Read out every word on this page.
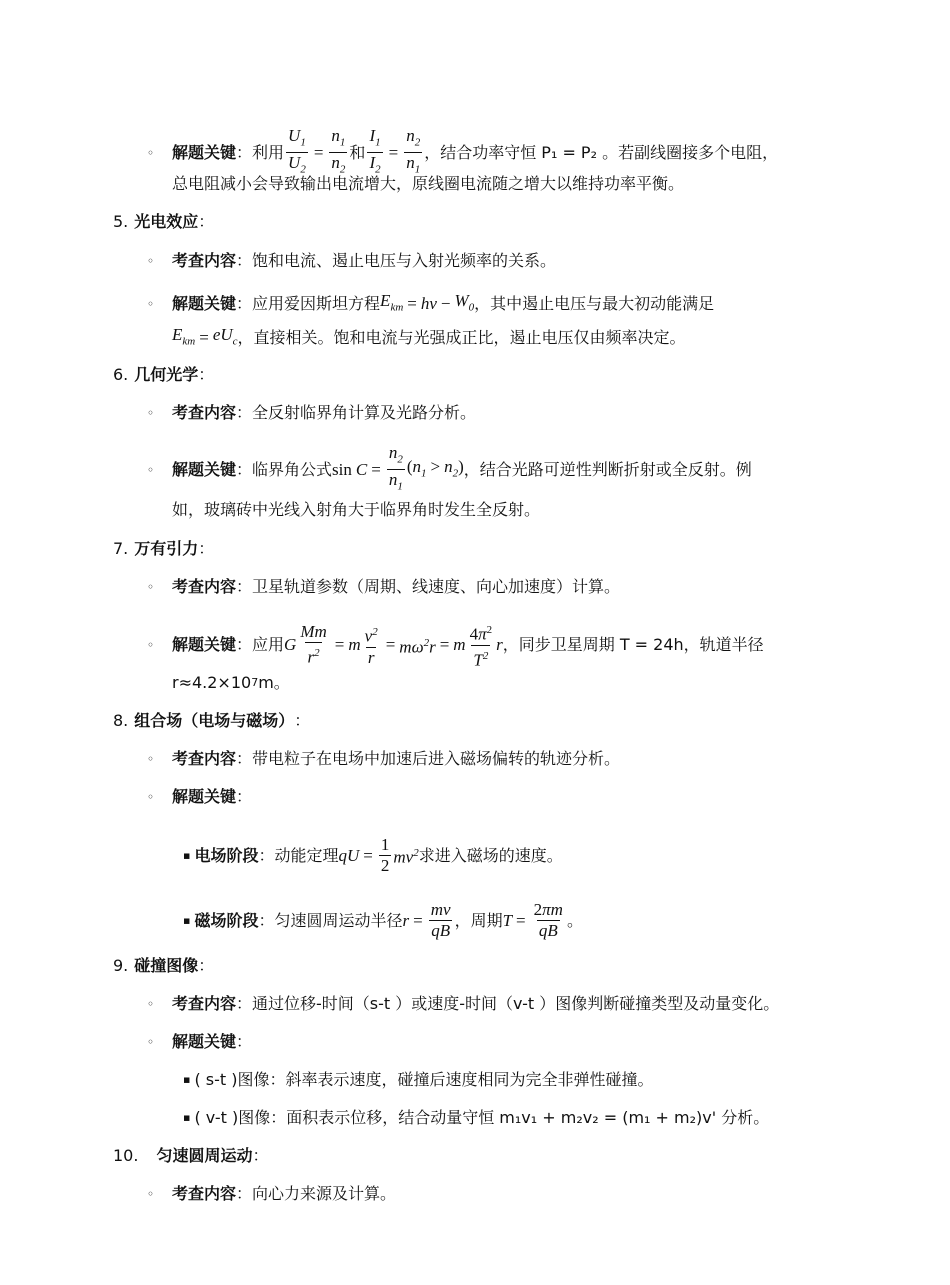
◦	解题关键 ： 利用 $\frac{U_1}{U_2} = \frac{n_1}{n_2}$ 和 $\frac{I_1}{I_2} = \frac{n_2}{n_1}$ ，结合功率守恒 P₁ = P₂ 。若副线圈接多个电阻，
总电阻减小会导致输出电流增大，原线圈电流随之增大以维持功率平衡。
5. 光电效应 ：
◦	考查内容 ： 饱和电流、遏止电压与入射光频率的关系。
◦	解题关键 ： 应用爱因斯坦方程 $E_{km}$ = hv − $W_0$ ，其中遏止电压与最大初动能满足
$E_{km} = eU_c$ ，直接相关。饱和电流与光强成正比，遏止电压仅由频率决定。
6. 几何光学 ：
◦	考查内容 ： 全反射临界角计算及光路分析。
◦	解题关键 ： 临界角公式 $\sin C = \frac{n_2}{n_1} (n_1 > n_2)$ ，结合光路可逆性判断折射或全反射。例
如，玻璃砖中光线入射角大于临界角时发生全反射。
7. 万有引力 ：
◦	考查内容 ： 卫星轨道参数（周期、线速度、向心加速度）计算。
◦	解题关键 ： 应用 G $\frac{Mm}{r^2} = m \frac{v^2}{r} = m\omega^2r = m \frac{4\pi^2}{T^2}$ r ，同步卫星周期 T = 24h，轨道半径
r≈4.2×10 7 m。
8. 组合场（电场与磁场） ：
◦	考查内容 ： 带电粒子在电场中加速后进入磁场偏转的轨迹分析。
◦	解题关键 ：
▪ 电场阶段 ： 动能定理 qU = $\frac{1}{2} mv^2$ 求进入磁场的速度。
▪ 磁场阶段 ： 匀速圆周运动半径 $r = \frac{mv}{qB}$ ，周期 $T = \frac{2\pi m}{qB}$ 。
9. 碰撞图像 ：
◦	考查内容 ： 通过位移-时间（s-t ）或速度-时间（v-t ）图像判断碰撞类型及动量变化。
◦	解题关键 ：
▪ ( s-t )图像：斜率表示速度，碰撞后速度相同为完全非弹性碰撞。
▪ ( v-t )图像：面积表示位移，结合动量守恒 m₁v₁ + m₂v₂ = (m₁ + m₂)v' 分析。
10. 匀速圆周运动 ：
◦	考查内容 ： 向心力来源及计算。
